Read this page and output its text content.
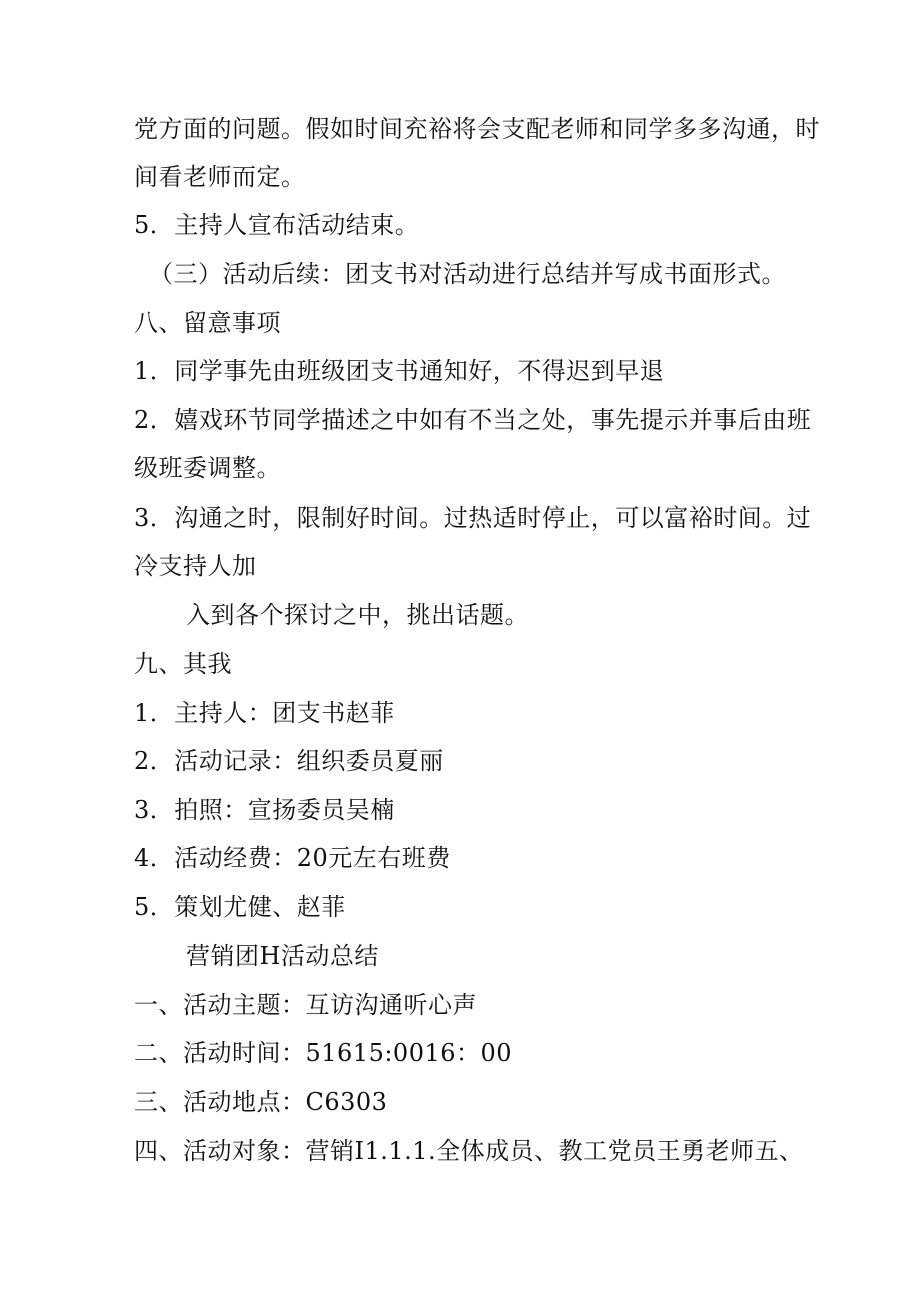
党方面的问题。假如时间充裕将会支配老师和同学多多沟通，时
间看老师而定。
5．主持人宣布活动结束。
（三）活动后续：团支书对活动进行总结并写成书面形式。
八、留意事项
1．同学事先由班级团支书通知好，不得迟到早退
2．嬉戏环节同学描述之中如有不当之处，事先提示并事后由班
级班委调整。
3．沟通之时，限制好时间。过热适时停止，可以富裕时间。过
冷支持人加
入到各个探讨之中，挑出话题。
九、其我
1．主持人：团支书赵菲
2．活动记录：组织委员夏丽
3．拍照：宣扬委员吴楠
4．活动经费：20元左右班费
5．策划尤健、赵菲
营销团H活动总结
一、活动主题：互访沟通听心声
二、活动时间：51615:0016：00
三、活动地点：C6303
四、活动对象：营销I1.1.1.全体成员、教工党员王勇老师五、
